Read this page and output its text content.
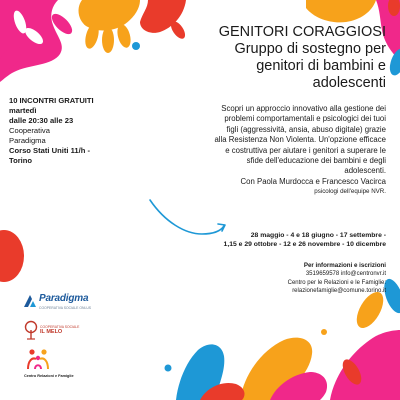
GENITORI CORAGGIOSI

Gruppo di sostegno per

genitori di bambini e

adolescenti

10 INCONTRI GRATUITI
martedì
dalle 20:30 alle 23
Cooperativa
Paradigma
Corso Stati Uniti 11/h -
Torino

Scopri un approccio innovativo alla gestione dei

problemi comportamentali e psicologici dei tuoi

figli (aggressività, ansia, abuso digitale) grazie

alla Resistenza Non Violenta. Un'opzione efficace

e costruttiva per aiutare i genitori a superare le

sfide dell'educazione dei bambini e degli

adolescenti.

Con Paola Murdocca e Francesco Vacirca

psicologi dell'equipe NVR.

28 maggio - 4 e 18 giugno - 17 settembre -
1,15 e 29 ottobre - 12 e 26 novembre - 10 dicembre
Per informazioni e iscrizioni
3519659578 info@centronvr.it
Centro per le Relazioni e le Famiglie:
relazionefamiglie@comune.torino.it
Paradigma
COOPERATIVA SOCIALE ONLUS
COOPERATIVA SOCIALE
IL MELO
Centro Relazioni e Famiglie
